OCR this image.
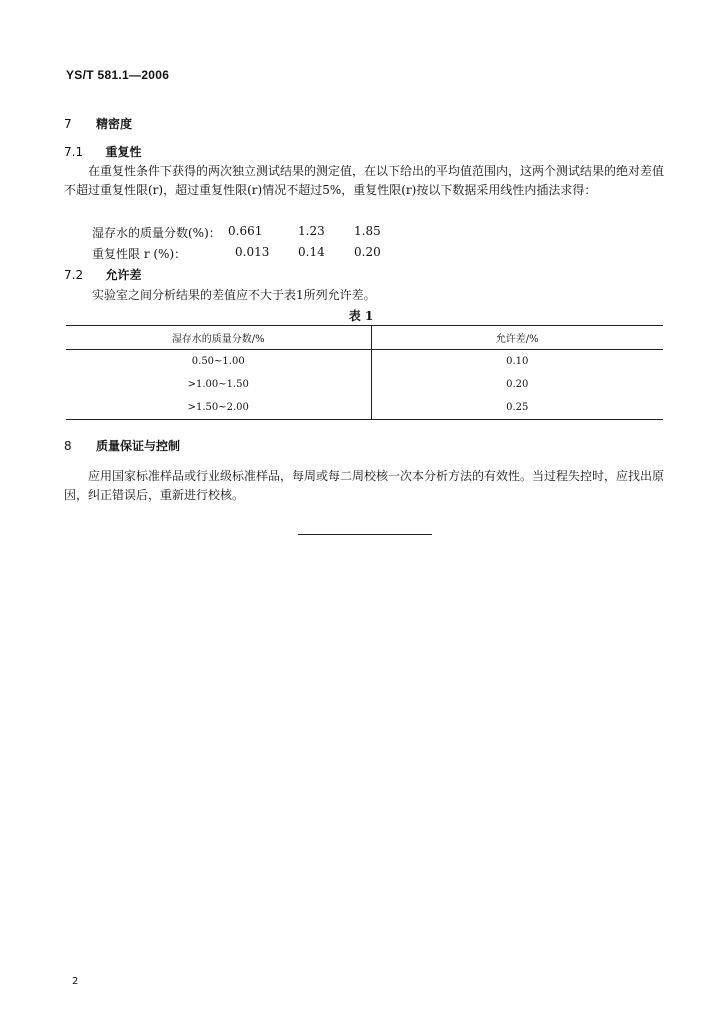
YS/T 581.1—2006
7 精密度
7.1 重复性
在重复性条件下获得的两次独立测试结果的测定值，在以下给出的平均值范围内，这两个测试结果的绝对差值不超过重复性限(r)，超过重复性限(r)情况不超过5%，重复性限(r)按以下数据采用线性内插法求得：
湿存水的质量分数(%)： 0.661	1.23 1.85
重复性限 r (%)：	0.013 0.14 0.20
7.2 允许差
实验室之间分析结果的差值应不大于表1所列允许差。
表 1
湿存水的质量分数/%	允许差/%
0.50~1.00	0.10
>1.00~1.50	0.20
>1.50~2.00	0.25
8 质量保证与控制
应用国家标准样品或行业级标准样品，每周或每二周校核一次本分析方法的有效性。当过程失控时，应找出原因，纠正错误后，重新进行校核。
2
